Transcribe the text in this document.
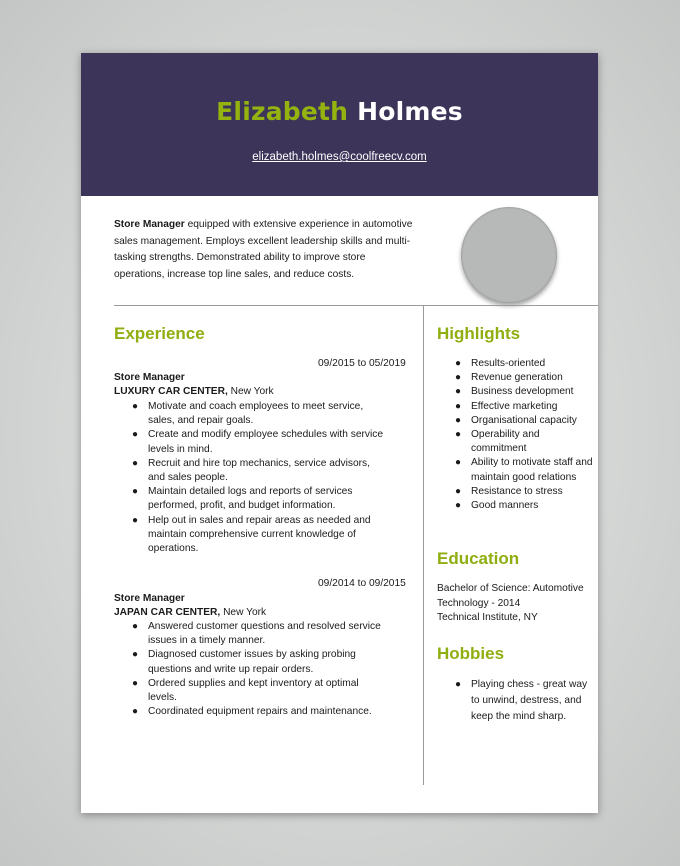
Elizabeth Holmes
elizabeth.holmes@coolfreecv.com
Store Manager equipped with extensive experience in automotive sales management. Employs excellent leadership skills and multi-tasking strengths. Demonstrated ability to improve store operations, increase top line sales, and reduce costs.
Experience
09/2015 to 05/2019
Store Manager
LUXURY CAR CENTER, New York
● Motivate and coach employees to meet service, sales, and repair goals.
● Create and modify employee schedules with service levels in mind.
● Recruit and hire top mechanics, service advisors, and sales people.
● Maintain detailed logs and reports of services performed, profit, and budget information.
● Help out in sales and repair areas as needed and maintain comprehensive current knowledge of operations.
09/2014 to 09/2015
Store Manager
JAPAN CAR CENTER, New York
● Answered customer questions and resolved service issues in a timely manner.
● Diagnosed customer issues by asking probing questions and write up repair orders.
● Ordered supplies and kept inventory at optimal levels.
● Coordinated equipment repairs and maintenance.
Highlights
● Results-oriented
● Revenue generation
● Business development
● Effective marketing
● Organisational capacity
● Operability and commitment
● Ability to motivate staff and maintain good relations
● Resistance to stress
● Good manners
Education
Bachelor of Science: Automotive Technology - 2014
Technical Institute, NY
Hobbies
● Playing chess - great way to unwind, destress, and keep the mind sharp.
